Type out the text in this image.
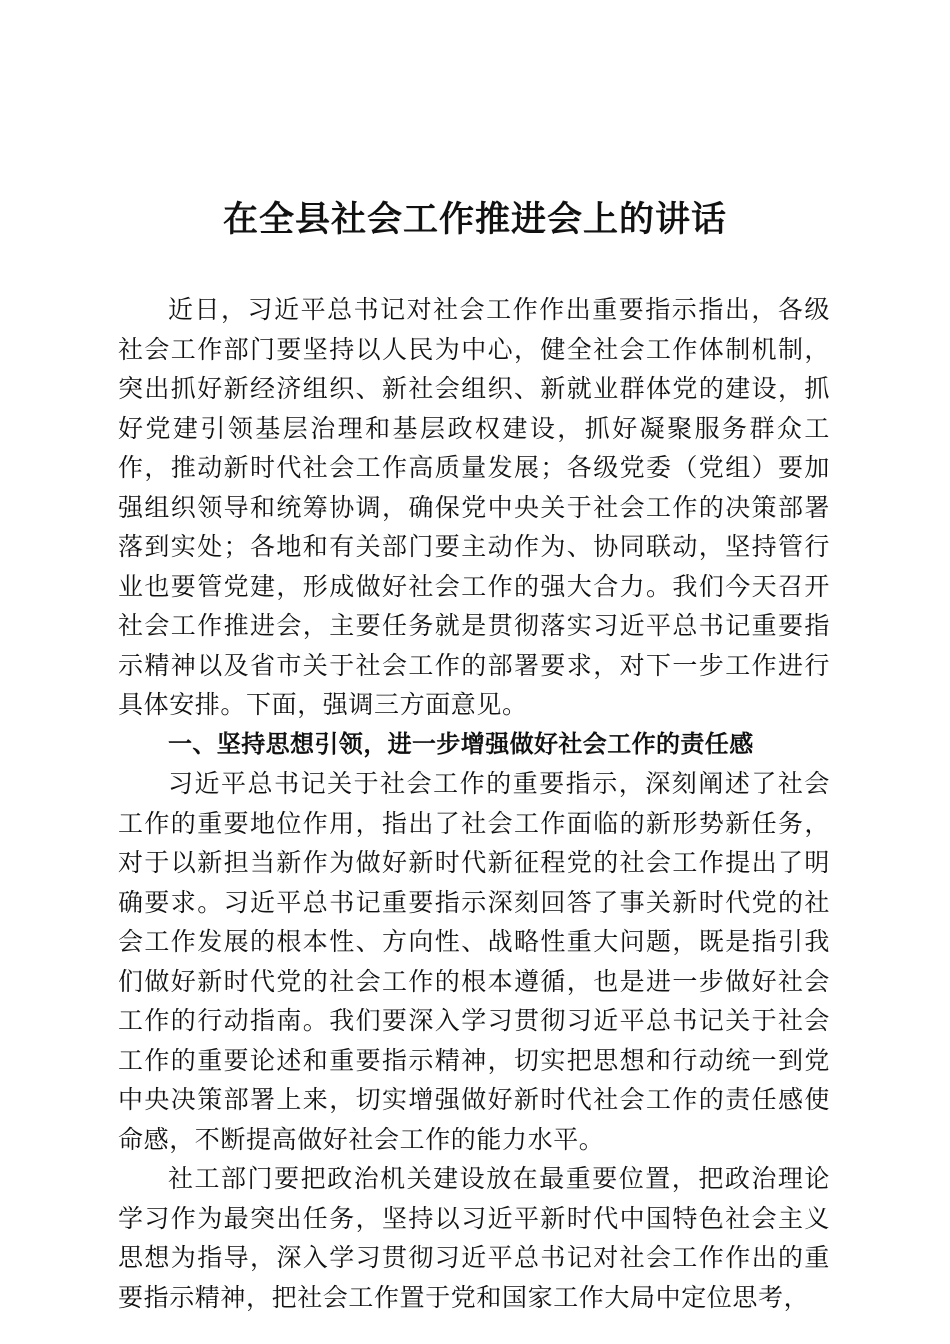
在全县社会工作推进会上的讲话

近日，习近平总书记对社会工作作出重要指示指出，各级社会工作部门要坚持以人民为中心，健全社会工作体制机制，突出抓好新经济组织、新社会组织、新就业群体党的建设，抓好党建引领基层治理和基层政权建设，抓好凝聚服务群众工作，推动新时代社会工作高质量发展；各级党委（党组）要加强组织领导和统筹协调，确保党中央关于社会工作的决策部署落到实处；各地和有关部门要主动作为、协同联动，坚持管行业也要管党建，形成做好社会工作的强大合力。我们今天召开社会工作推进会，主要任务就是贯彻落实习近平总书记重要指示精神以及省市关于社会工作的部署要求，对下一步工作进行具体安排。下面，强调三方面意见。

一、坚持思想引领，进一步增强做好社会工作的责任感

习近平总书记关于社会工作的重要指示，深刻阐述了社会工作的重要地位作用，指出了社会工作面临的新形势新任务，对于以新担当新作为做好新时代新征程党的社会工作提出了明确要求。习近平总书记重要指示深刻回答了事关新时代党的社会工作发展的根本性、方向性、战略性重大问题，既是指引我们做好新时代党的社会工作的根本遵循，也是进一步做好社会工作的行动指南。我们要深入学习贯彻习近平总书记关于社会工作的重要论述和重要指示精神，切实把思想和行动统一到党中央决策部署上来，切实增强做好新时代社会工作的责任感使命感，不断提高做好社会工作的能力水平。

社工部门要把政治机关建设放在最重要位置，把政治理论学习作为最突出任务，坚持以习近平新时代中国特色社会主义思想为指导，深入学习贯彻习近平总书记对社会工作作出的重要指示精神，把社会工作置于党和国家工作大局中定位思考，
